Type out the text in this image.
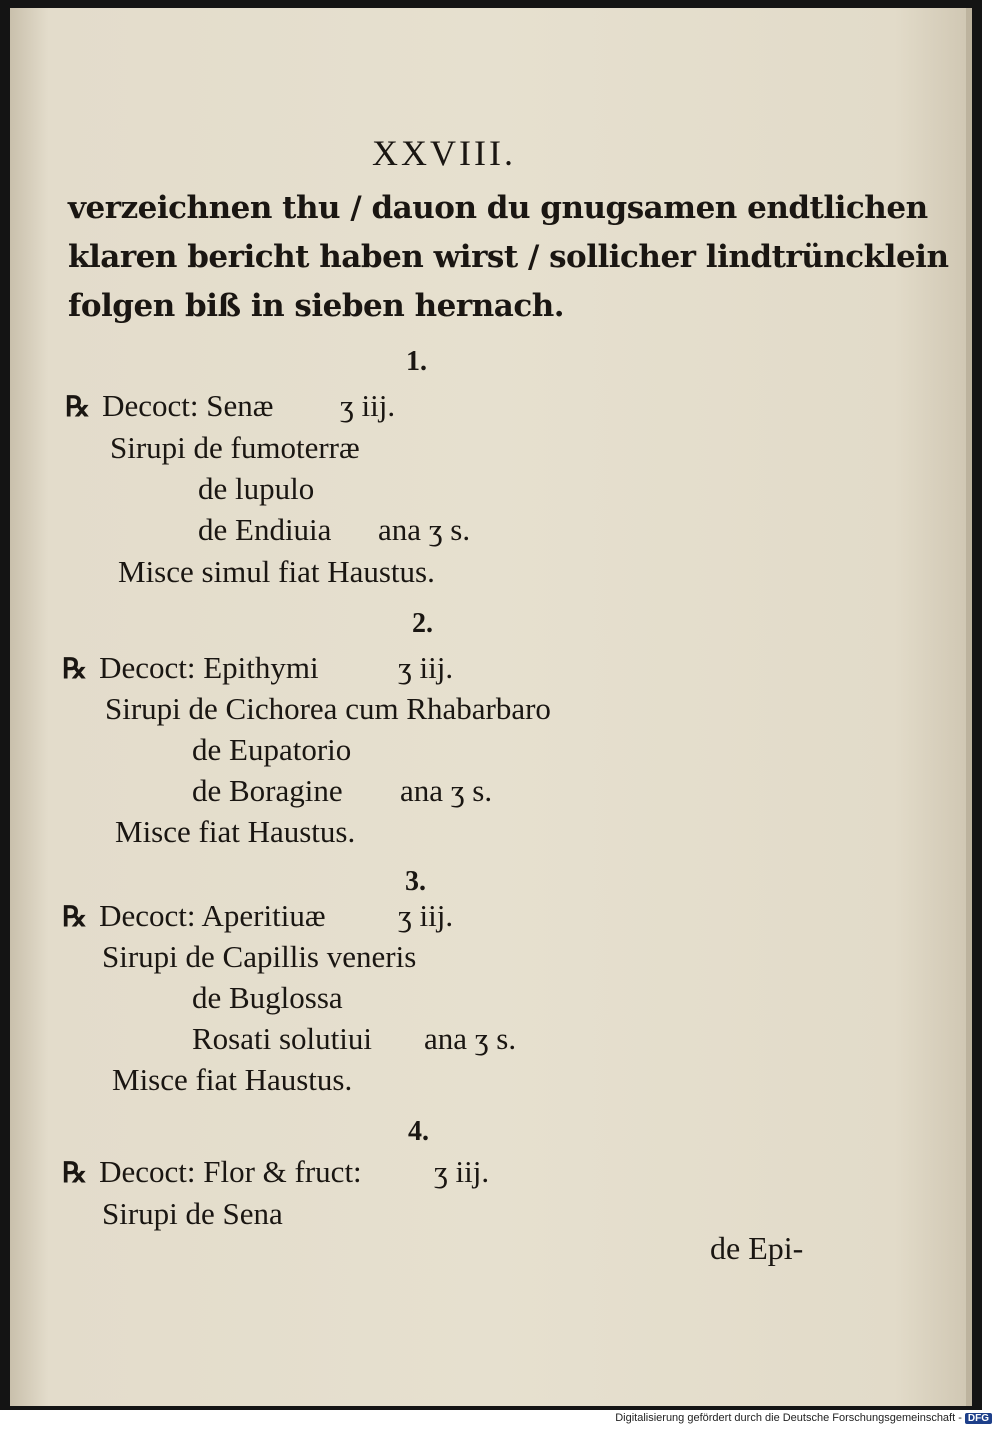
XXVIII.
verzeichnen thu / dauon du gnugsamen endtlichen
klaren bericht haben wirst / sollicher lindtrüncklein
folgen biß in sieben hernach.
1.
℞ Decoct: Senæ ʒ iij.
Sirupi de fumoterræ
de lupulo
de Endiuia ana ʒ s.
Misce simul fiat Haustus.
2.
℞ Decoct: Epithymi	ʒ iij.
Sirupi de Cichorea cum Rhabarbaro
de Eupatorio
de Boragine ana ʒ s.
Misce fiat Haustus.
3.
℞ Decoct: Aperitiuæ ʒ iij.
Sirupi de Capillis veneris
de Buglossa
Rosati solutiui ana ʒ s.
Misce fiat Haustus.
4.
℞ Decoct: Flor & fruct: ʒ iij.
Sirupi de Sena
de Epi-
Digitalisierung gefördert durch die Deutsche Forschungsgemeinschaft - DFG
